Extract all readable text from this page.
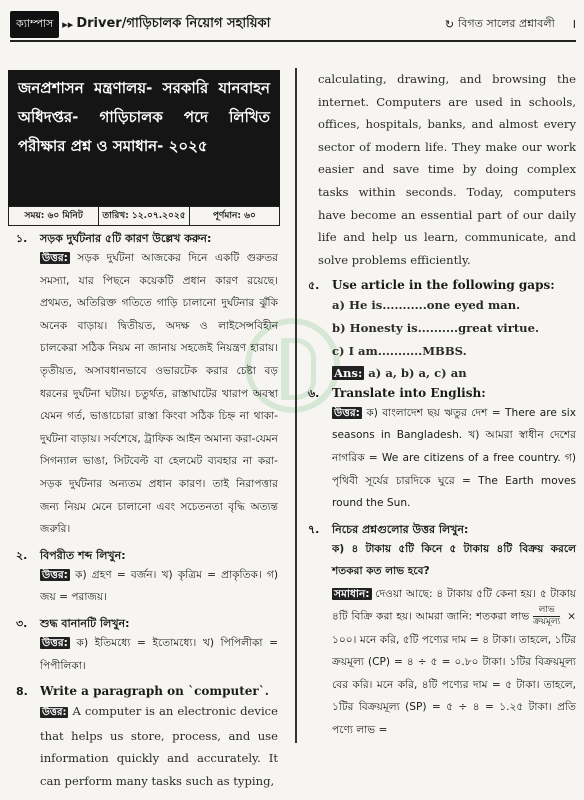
ক্যাম্পাস ▸▸ Driver/গাড়িচালক নিয়োগ সহায়িকা	↻ বিগত সালের প্রশ্নাবলী I
জনপ্রশাসন মন্ত্রণালয়- সরকারি যানবাহন অধিদপ্তর- গাড়িচালক পদে লিখিত পরীক্ষার প্রশ্ন ও সমাধান- ২০২৫
সময়: ৬০ মিনিট	তারিখ: ১২.০৭.২০২৫	পূর্ণমান: ৬০
১.	সড়ক দুর্ঘটনার ৫টি কারণ উল্লেখ করুন:
উত্তর: সড়ক দুর্ঘটনা আজকের দিনে একটি গুরুতর সমস্যা, যার পিছনে কয়েকটি প্রধান কারণ রয়েছে। প্রথমত, অতিরিক্ত গতিতে গাড়ি চালানো দুর্ঘটনার ঝুঁকি অনেক বাড়ায়। দ্বিতীয়ত, অদক্ষ ও লাইসেন্সবিহীন চালকেরা সঠিক নিয়ম না জানায় সহজেই নিয়ন্ত্রণ হারায়। তৃতীয়ত, অসাবধানভাবে ওভারটেক করার চেষ্টা বড় ধরনের দুর্ঘটনা ঘটায়। চতুর্থত, রাস্তাঘাটের খারাপ অবস্থা যেমন গর্ত, ভাঙাচোরা রাস্তা কিংবা সঠিক চিহ্ন না থাকা-দুর্ঘটনা বাড়ায়। সর্বশেষে, ট্রাফিক আইন অমান্য করা-যেমন সিগন্যাল ভাঙা, সিটবেল্ট বা হেলমেট ব্যবহার না করা-সড়ক দুর্ঘটনার অন্যতম প্রধান কারণ। তাই নিরাপত্তার জন্য নিয়ম মেনে চালানো এবং সচেতনতা বৃদ্ধি অত্যন্ত জরুরি।
২.	বিপরীত শব্দ লিখুন:
উত্তর: ক) গ্রহণ = বর্জন। খ) কৃত্রিম = প্রাকৃতিক। গ) জয় = পরাজয়।
৩.	শুদ্ধ বানানটি লিখুন:
উত্তর: ক) ইতিমধ্যে = ইতোমধ্যে। খ) পিপিলীকা = পিপীলিকা।
8.	Write a paragraph on `computer`.
উত্তর: A computer is an electronic device that helps us store, process, and use information quickly and accurately. It can perform many tasks such as typing,
calculating, drawing, and browsing the internet. Computers are used in schools, offices, hospitals, banks, and almost every sector of modern life. They make our work easier and save time by doing complex tasks within seconds. Today, computers have become an essential part of our daily life and help us learn, communicate, and solve problems efficiently.
৫.	Use article in the following gaps:
a) He is...........one eyed man.
b) Honesty is..........great virtue.
c) I am...........MBBS.
Ans: a) a, b) a, c) an
৬.	Translate into English:
উত্তর: ক) বাংলাদেশ ছয় ঋতুর দেশ = There are six seasons in Bangladesh. খ) আমরা স্বাধীন দেশের নাগরিক = We are citizens of a free country. গ) পৃথিবী সূর্যের চারদিকে ঘুরে = The Earth moves round the Sun.
৭.	নিচের প্রশ্নগুলোর উত্তর লিখুন:
ক) ৪ টাকায় ৫টি কিনে ৫ টাকায় ৪টি বিক্রয় করলে শতকরা কত লাভ হবে?
সমাধান: দেওয়া আছে: ৪ টাকায় ৫টি কেনা হয়। ৫ টাকায় ৪টি বিক্রি করা হয়। আমরা জানি: শতকরা লাভ $\frac{\text{লাভ}}{\text{ক্রয়মূল্য}}$ × ১০০। মনে করি, ৫টি পণ্যের দাম = ৪ টাকা। তাহলে, ১টির ক্রয়মূল্য (CP) = ৪ ÷ ৫ = ০.৮০ টাকা। ১টির বিক্রয়মূল্য বের করি। মনে করি, ৪টি পণ্যের দাম = ৫ টাকা। তাহলে, ১টির বিক্রয়মূল্য (SP) = ৫ ÷ ৪ = ১.২৫ টাকা। প্রতি পণ্যে লাভ =
